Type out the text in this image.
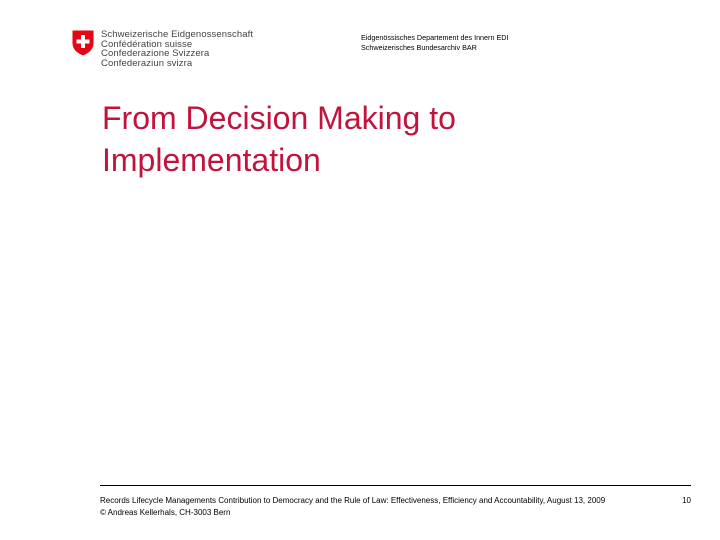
Schweizerische Eidgenossenschaft
Confédération suisse
Confederazione Svizzera
Confederaziun svizra
Eidgenössisches Departement des Innern EDI
Schweizerisches Bundesarchiv BAR
From Decision Making to
Implementation
Records Lifecycle Managements Contribution to Democracy and the Rule of Law: Effectiveness, Efficiency and Accountability, August 13, 2009
© Andreas Kellerhals, CH-3003 Bern
10
